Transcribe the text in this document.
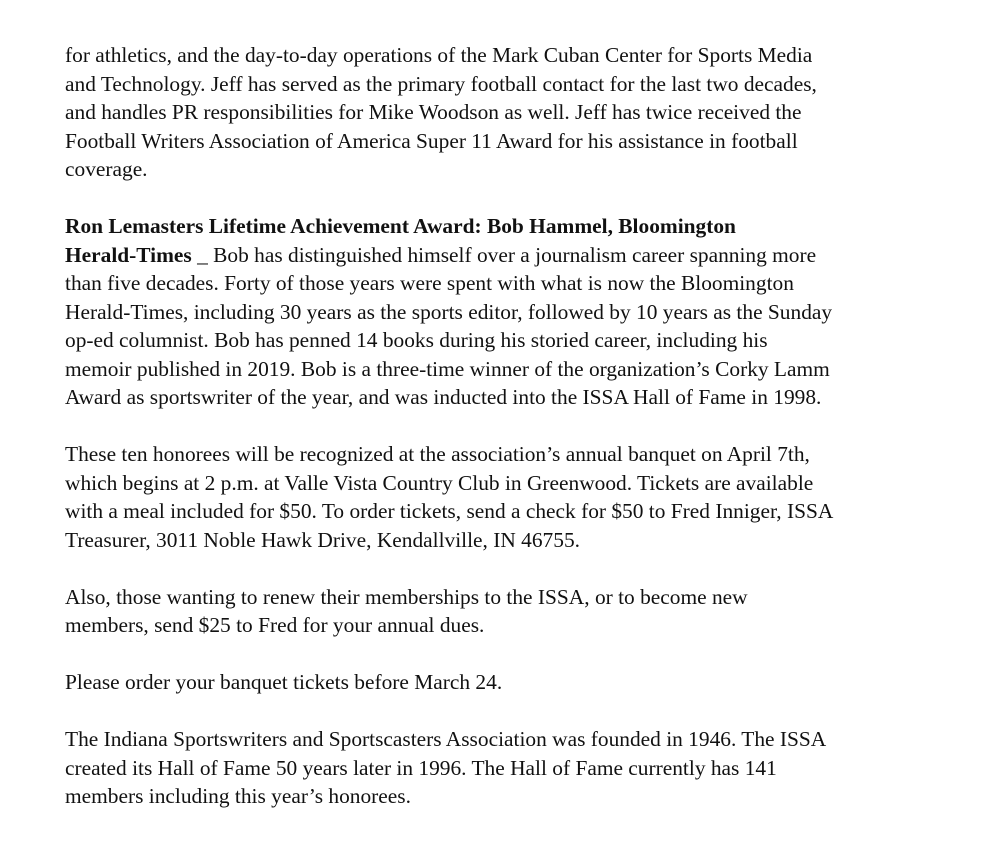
for athletics, and the day-to-day operations of the Mark Cuban Center for Sports Media
and Technology. Jeff has served as the primary football contact for the last two decades,
and handles PR responsibilities for Mike Woodson as well. Jeff has twice received the
Football Writers Association of America Super 11 Award for his assistance in football
coverage.
Ron Lemasters Lifetime Achievement Award: Bob Hammel, Bloomington
Herald-Times _ Bob has distinguished himself over a journalism career spanning more
than five decades. Forty of those years were spent with what is now the Bloomington
Herald-Times, including 30 years as the sports editor, followed by 10 years as the Sunday
op-ed columnist. Bob has penned 14 books during his storied career, including his
memoir published in 2019. Bob is a three-time winner of the organization’s Corky Lamm
Award as sportswriter of the year, and was inducted into the ISSA Hall of Fame in 1998.
These ten honorees will be recognized at the association’s annual banquet on April 7th,
which begins at 2 p.m. at Valle Vista Country Club in Greenwood. Tickets are available
with a meal included for $50. To order tickets, send a check for $50 to Fred Inniger, ISSA
Treasurer, 3011 Noble Hawk Drive, Kendallville, IN 46755.
Also, those wanting to renew their memberships to the ISSA, or to become new
members, send $25 to Fred for your annual dues.
Please order your banquet tickets before March 24.
The Indiana Sportswriters and Sportscasters Association was founded in 1946. The ISSA
created its Hall of Fame 50 years later in 1996. The Hall of Fame currently has 141
members including this year’s honorees.
